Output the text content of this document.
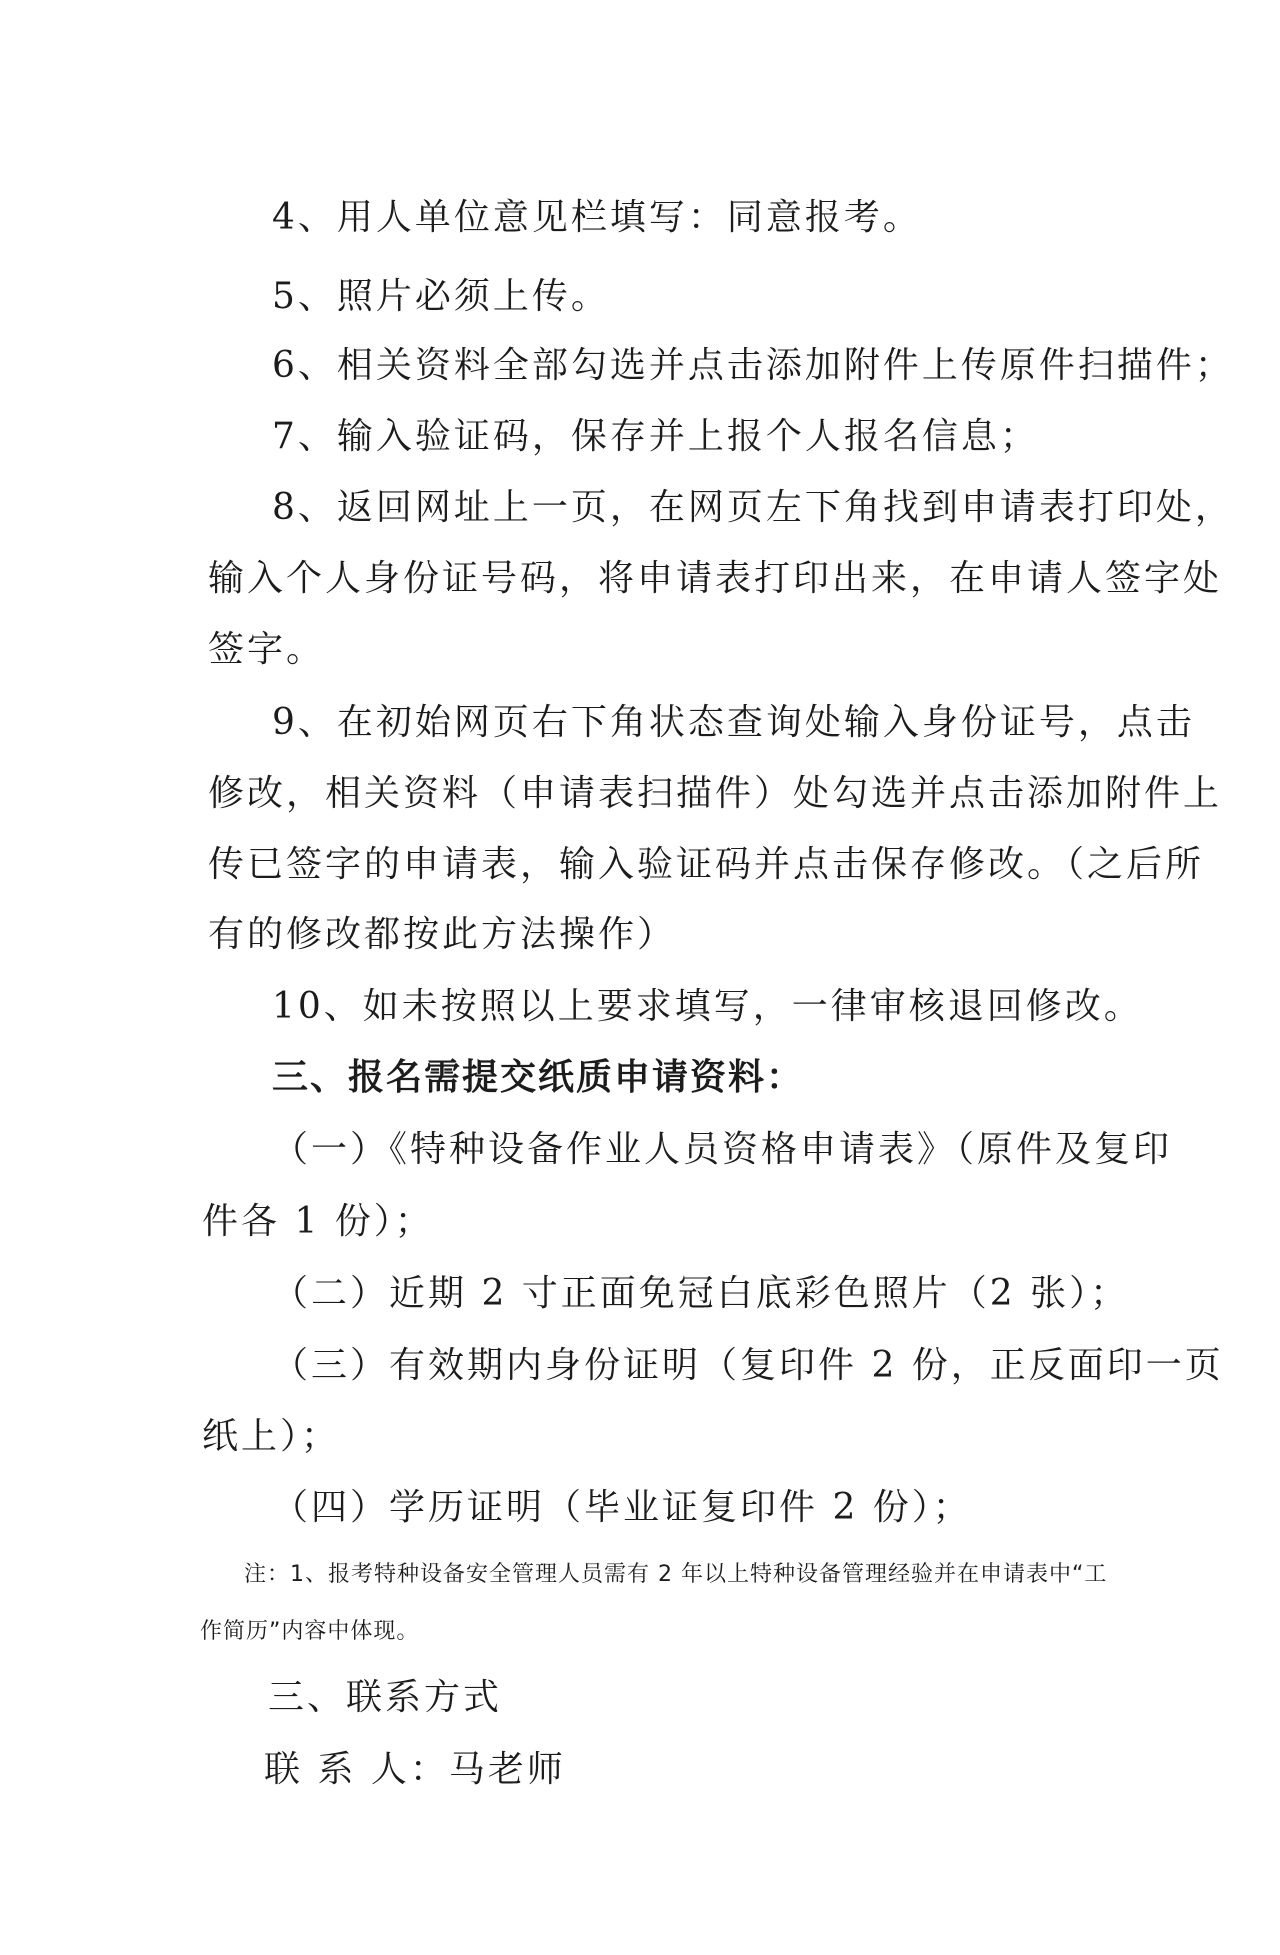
4、用人单位意见栏填写：同意报考。
5、照片必须上传。
6、相关资料全部勾选并点击添加附件上传原件扫描件；
7、输入验证码，保存并上报个人报名信息；
8、返回网址上一页，在网页左下角找到申请表打印处，
输入个人身份证号码，将申请表打印出来，在申请人签字处
签字。
9、在初始网页右下角状态查询处输入身份证号，点击
修改，相关资料（申请表扫描件）处勾选并点击添加附件上
传已签字的申请表，输入验证码并点击保存修改。（之后所
有的修改都按此方法操作）
10、如未按照以上要求填写，一律审核退回修改。
三、报名需提交纸质申请资料：
（一）《特种设备作业人员资格申请表》（原件及复印
件各 1 份）；
（二）近期 2 寸正面免冠白底彩色照片（2 张）；
（三）有效期内身份证明（复印件 2 份，正反面印一页
纸上）；
（四）学历证明（毕业证复印件 2 份）；
注：1、报考特种设备安全管理人员需有 2 年以上特种设备管理经验并在申请表中“工
作简历”内容中体现。
三、联系方式
联 系 人：马老师
